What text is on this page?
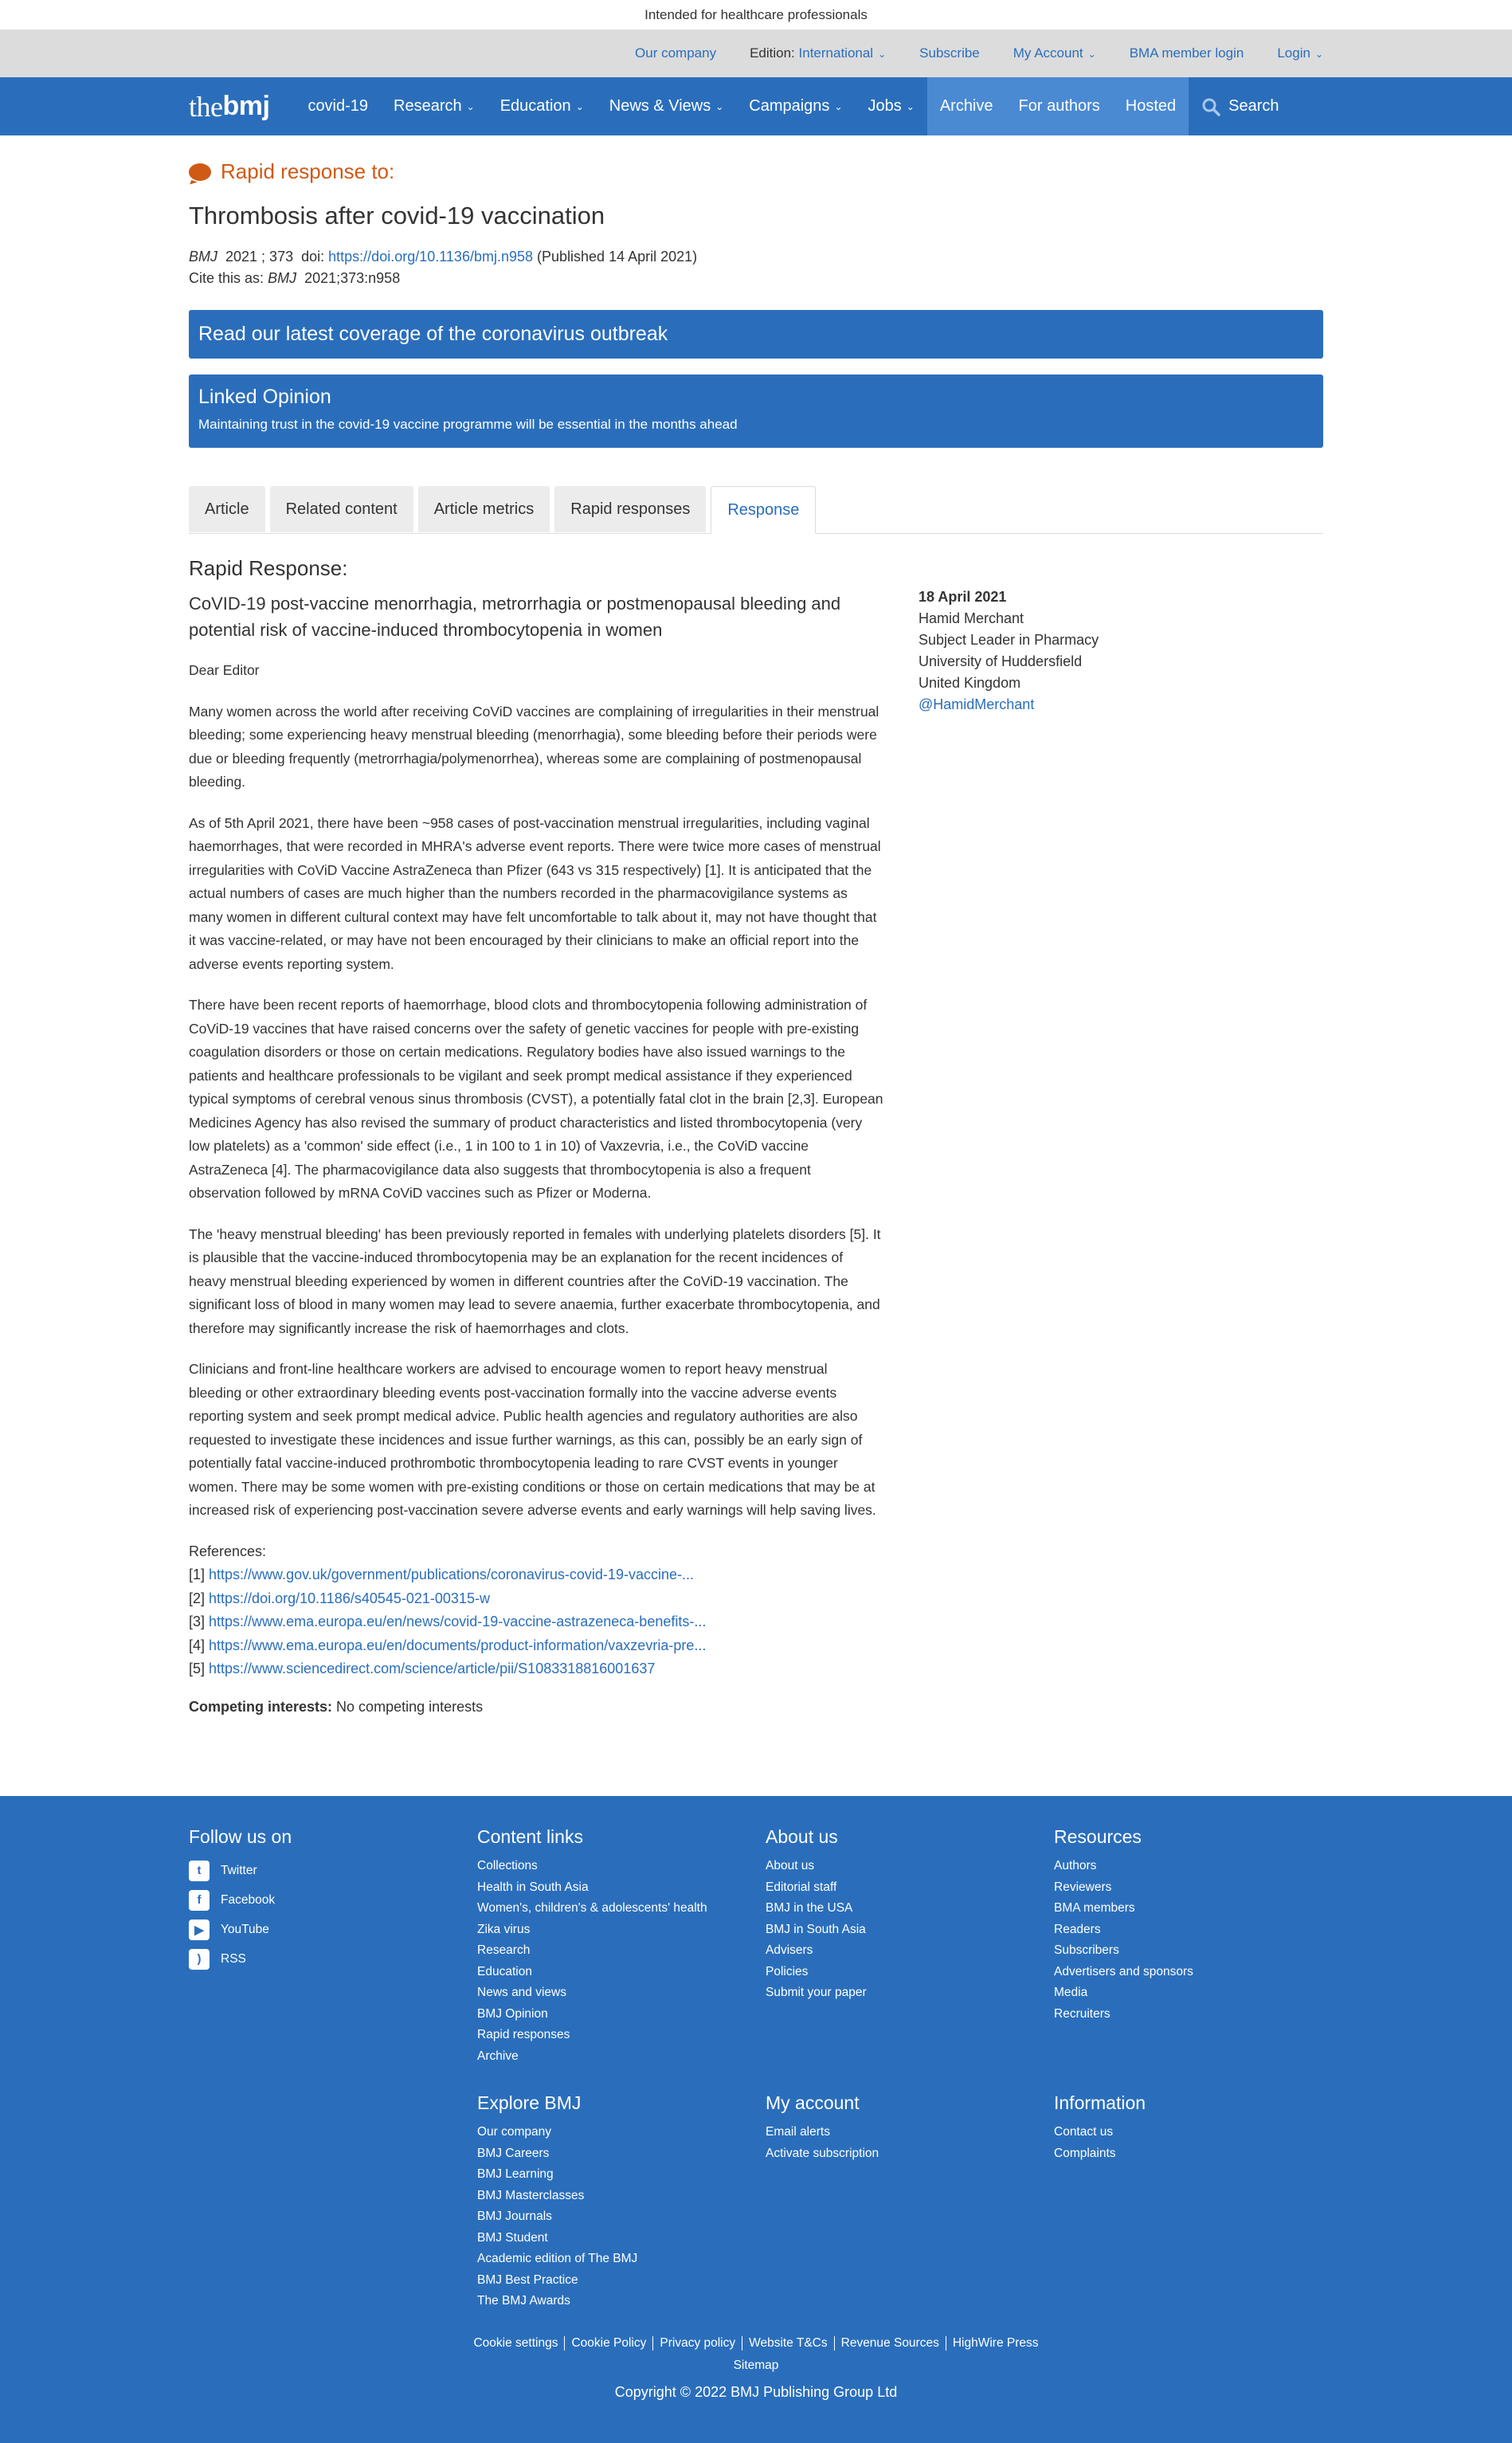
Intended for healthcare professionals
Our company Edition: International ⌄ Subscribe My Account ⌄ BMA member login Login ⌄
the bmj covid-19 Research ⌄ Education ⌄ News & Views ⌄ Campaigns ⌄ Jobs ⌄ Archive For authors Hosted	Search
Rapid response to:
Thrombosis after covid-19 vaccination
BMJ 2021 ; 373 doi: https://doi.org/10.1136/bmj.n958 (Published 14 April 2021)
Cite this as: BMJ 2021;373:n958
Read our latest coverage of the coronavirus outbreak
Linked Opinion
Maintaining trust in the covid-19 vaccine programme will be essential in the months ahead
Article	Related content	Article metrics	Rapid responses	Response
Rapid Response:
CoVID-19 post-vaccine menorrhagia, metrorrhagia or postmenopausal bleeding and potential risk of vaccine-induced thrombocytopenia in women

Dear Editor

Many women across the world after receiving CoViD vaccines are complaining of irregularities in their menstrual bleeding; some experiencing heavy menstrual bleeding (menorrhagia), some bleeding before their periods were due or bleeding frequently (metrorrhagia/polymenorrhea), whereas some are complaining of postmenopausal bleeding.

As of 5th April 2021, there have been ~958 cases of post-vaccination menstrual irregularities, including vaginal haemorrhages, that were recorded in MHRA's adverse event reports. There were twice more cases of menstrual irregularities with CoViD Vaccine AstraZeneca than Pfizer (643 vs 315 respectively) [1]. It is anticipated that the actual numbers of cases are much higher than the numbers recorded in the pharmacovigilance systems as many women in different cultural context may have felt uncomfortable to talk about it, may not have thought that it was vaccine-related, or may have not been encouraged by their clinicians to make an official report into the adverse events reporting system.

There have been recent reports of haemorrhage, blood clots and thrombocytopenia following administration of CoViD-19 vaccines that have raised concerns over the safety of genetic vaccines for people with pre-existing coagulation disorders or those on certain medications. Regulatory bodies have also issued warnings to the patients and healthcare professionals to be vigilant and seek prompt medical assistance if they experienced typical symptoms of cerebral venous sinus thrombosis (CVST), a potentially fatal clot in the brain [2,3]. European Medicines Agency has also revised the summary of product characteristics and listed thrombocytopenia (very low platelets) as a 'common' side effect (i.e., 1 in 100 to 1 in 10) of Vaxzevria, i.e., the CoViD vaccine AstraZeneca [4]. The pharmacovigilance data also suggests that thrombocytopenia is also a frequent observation followed by mRNA CoViD vaccines such as Pfizer or Moderna.

The 'heavy menstrual bleeding' has been previously reported in females with underlying platelets disorders [5]. It is plausible that the vaccine-induced thrombocytopenia may be an explanation for the recent incidences of heavy menstrual bleeding experienced by women in different countries after the CoViD-19 vaccination. The significant loss of blood in many women may lead to severe anaemia, further exacerbate thrombocytopenia, and therefore may significantly increase the risk of haemorrhages and clots.

Clinicians and front-line healthcare workers are advised to encourage women to report heavy menstrual bleeding or other extraordinary bleeding events post-vaccination formally into the vaccine adverse events reporting system and seek prompt medical advice. Public health agencies and regulatory authorities are also requested to investigate these incidences and issue further warnings, as this can, possibly be an early sign of potentially fatal vaccine-induced prothrombotic thrombocytopenia leading to rare CVST events in younger women. There may be some women with pre-existing conditions or those on certain medications that may be at increased risk of experiencing post-vaccination severe adverse events and early warnings will help saving lives.

References:
[1] https://www.gov.uk/government/publications/coronavirus-covid-19-vaccine-...
[2] https://doi.org/10.1186/s40545-021-00315-w
[3] https://www.ema.europa.eu/en/news/covid-19-vaccine-astrazeneca-benefits-...
[4] https://www.ema.europa.eu/en/documents/product-information/vaxzevria-pre...
[5] https://www.sciencedirect.com/science/article/pii/S1083318816001637
Competing interests: No competing interests
18 April 2021
Hamid Merchant
Subject Leader in Pharmacy
University of Huddersfield
United Kingdom
@HamidMerchant
Follow us on
t	Twitter
f	Facebook
▶	YouTube
)	RSS
Content links
Collections
Health in South Asia
Women's, children's & adolescents' health
Zika virus
Research
Education
News and views
BMJ Opinion
Rapid responses
Archive
About us
About us
Editorial staff
BMJ in the USA
BMJ in South Asia
Advisers
Policies
Submit your paper
Resources
Authors
Reviewers
BMA members
Readers
Subscribers
Advertisers and sponsors
Media
Recruiters
Explore BMJ
Our company
BMJ Careers
BMJ Learning
BMJ Masterclasses
BMJ Journals
BMJ Student
Academic edition of The BMJ
BMJ Best Practice
The BMJ Awards
My account
Email alerts
Activate subscription
Information
Contact us
Complaints
Cookie settings	Cookie Policy	Privacy policy	Website T&Cs	Revenue Sources	HighWire Press
Sitemap
Copyright © 2022 BMJ Publishing Group Ltd
